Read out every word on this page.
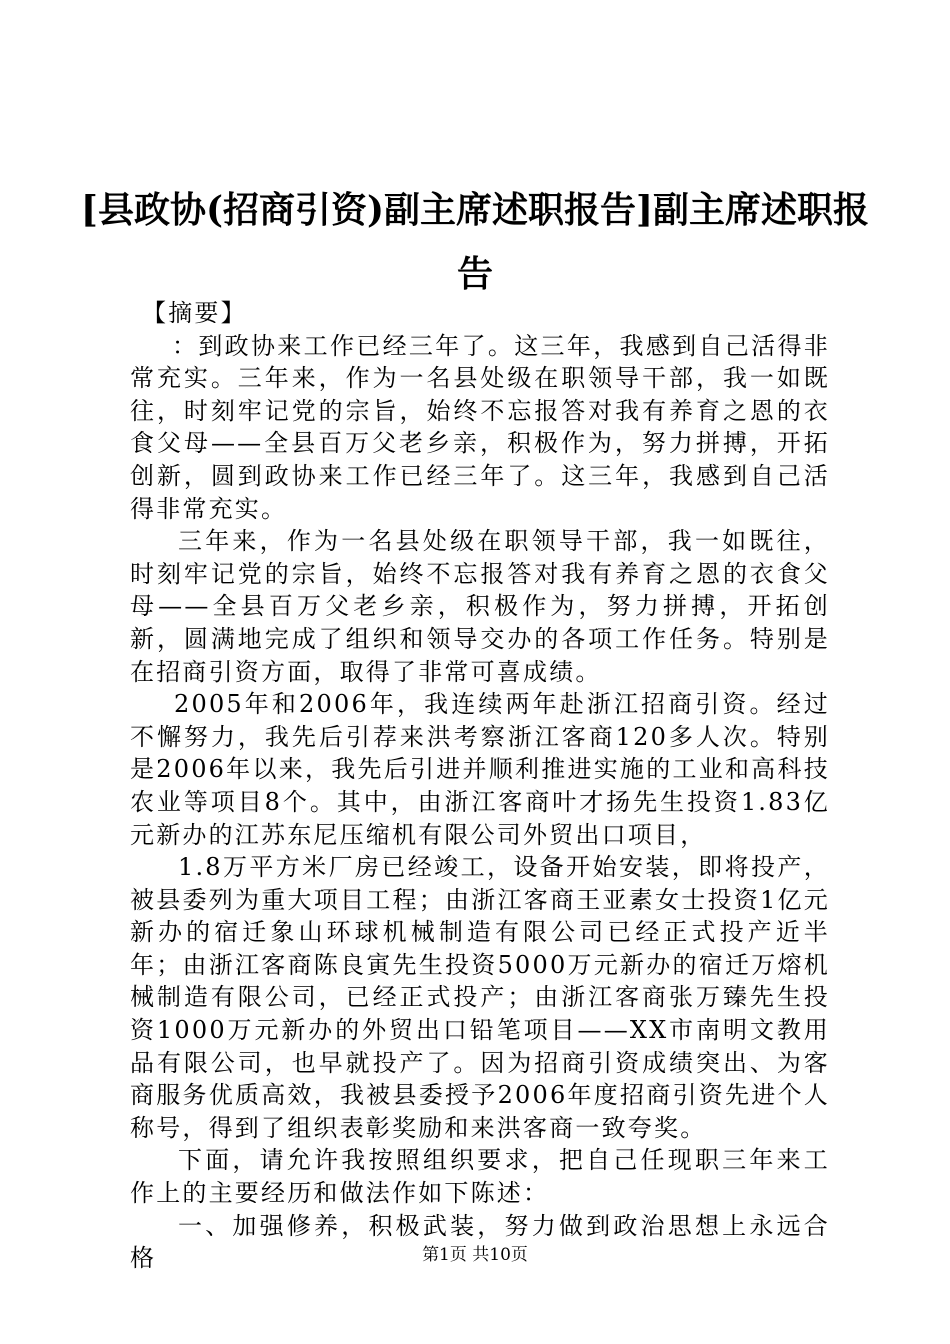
[县政协(招商引资)副主席述职报告]副主席述职报告

【摘要】

：到政协来工作已经三年了。这三年，我感到自己活得非常充实。三年来，作为一名县处级在职领导干部，我一如既往，时刻牢记党的宗旨，始终不忘报答对我有养育之恩的衣食父母——全县百万父老乡亲，积极作为，努力拼搏，开拓创新，圆到政协来工作已经三年了。这三年，我感到自己活得非常充实。

三年来，作为一名县处级在职领导干部，我一如既往，时刻牢记党的宗旨，始终不忘报答对我有养育之恩的衣食父母——全县百万父老乡亲，积极作为，努力拼搏，开拓创新，圆满地完成了组织和领导交办的各项工作任务。特别是在招商引资方面，取得了非常可喜成绩。

2005年和2006年，我连续两年赴浙江招商引资。经过不懈努力，我先后引荐来洪考察浙江客商120多人次。特别是2006年以来，我先后引进并顺利推进实施的工业和高科技农业等项目8个。其中，由浙江客商叶才扬先生投资1.83亿元新办的江苏东尼压缩机有限公司外贸出口项目，

1.8万平方米厂房已经竣工，设备开始安装，即将投产，被县委列为重大项目工程；由浙江客商王亚素女士投资1亿元新办的宿迁象山环球机械制造有限公司已经正式投产近半年；由浙江客商陈良寅先生投资5000万元新办的宿迁万熔机械制造有限公司，已经正式投产；由浙江客商张万臻先生投资1000万元新办的外贸出口铅笔项目——XX市南明文教用品有限公司，也早就投产了。因为招商引资成绩突出、为客商服务优质高效，我被县委授予2006年度招商引资先进个人称号，得到了组织表彰奖励和来洪客商一致夸奖。

下面，请允许我按照组织要求，把自己任现职三年来工作上的主要经历和做法作如下陈述：

一、加强修养，积极武装，努力做到政治思想上永远合格	第1页 共10页
